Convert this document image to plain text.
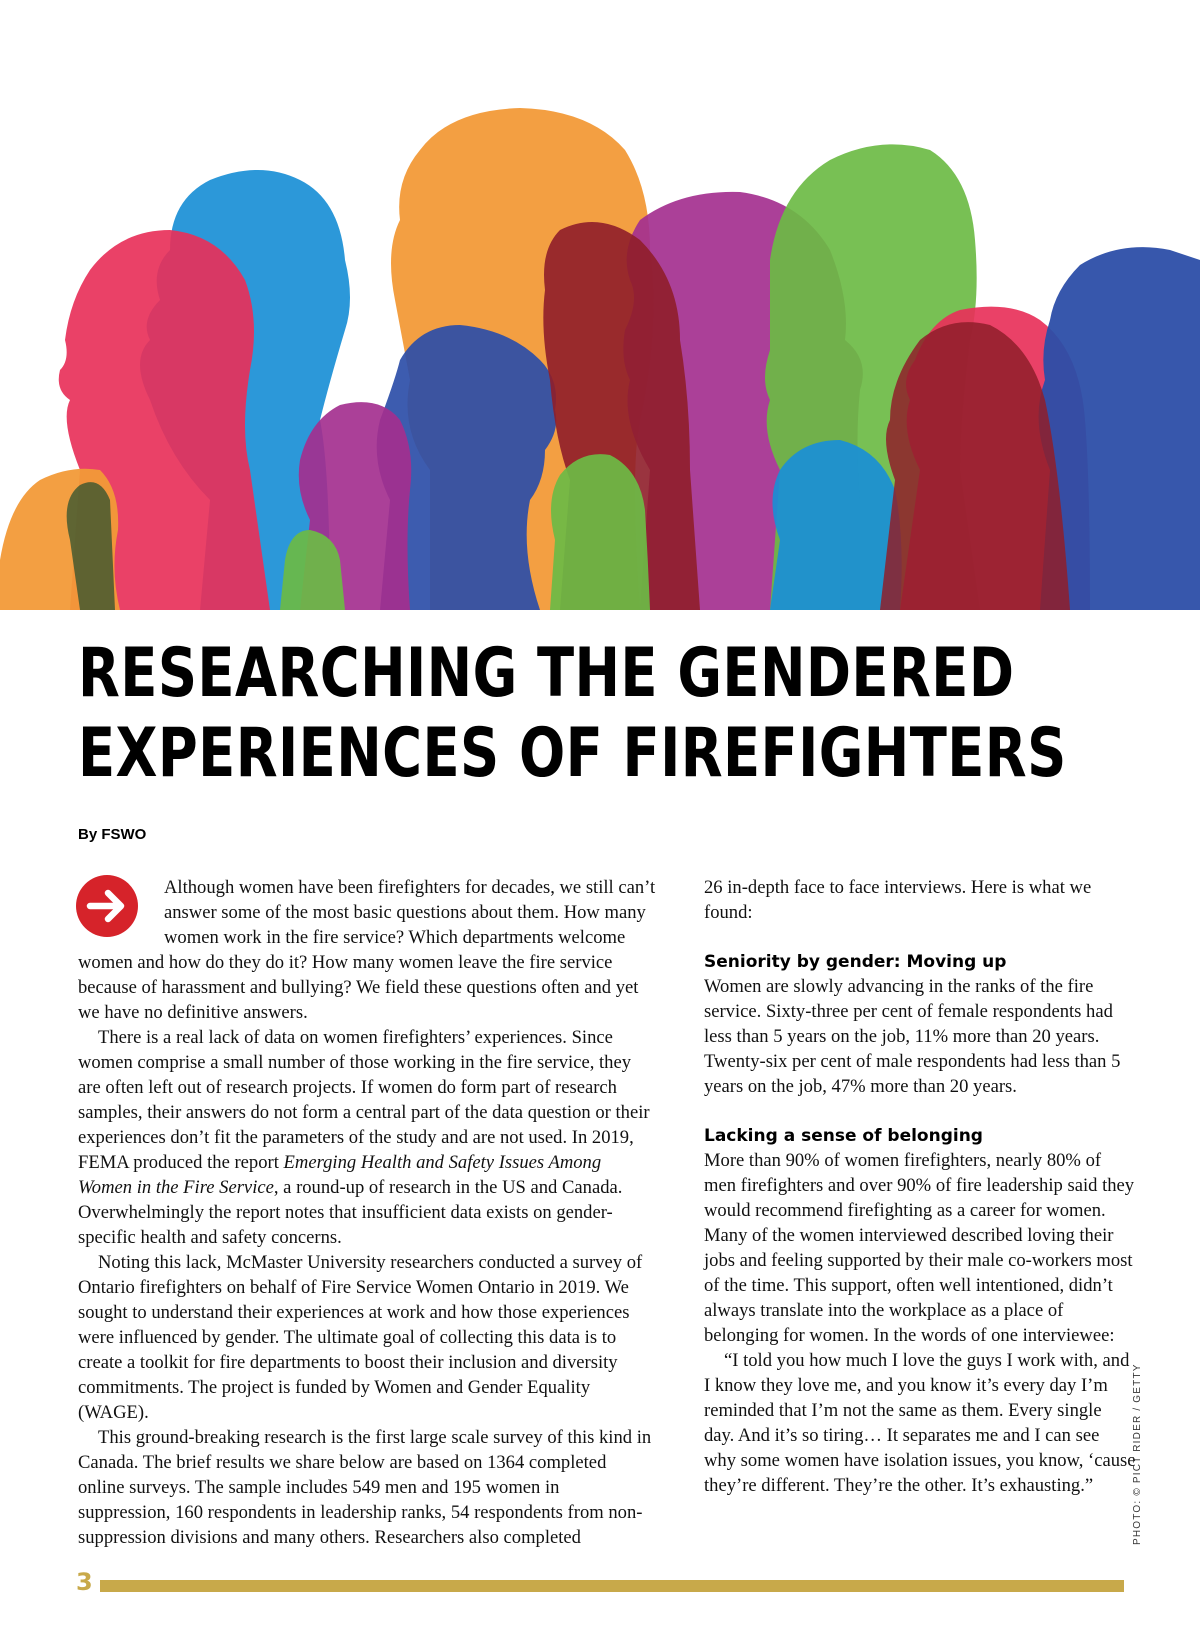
RESEARCHING THE GENDERED
EXPERIENCES OF FIREFIGHTERS
By FSWO

Although women have been firefighters for decades, we still can’t answer some of the most basic questions about them. How many women work in the fire service? Which departments welcome women and how do they do it? How many women leave the fire service because of harassment and bullying? We field these questions often and yet we have no definitive answers.

There is a real lack of data on women firefighters’ experiences. Since women comprise a small number of those working in the fire service, they are often left out of research projects. If women do form part of research samples, their answers do not form a central part of the data question or their experiences don’t fit the parameters of the study and are not used. In 2019, FEMA produced the report Emerging Health and Safety Issues Among Women in the Fire Service, a round-up of research in the US and Canada. Overwhelmingly the report notes that insufficient data exists on gender-specific health and safety concerns.

Noting this lack, McMaster University researchers conducted a survey of Ontario firefighters on behalf of Fire Service Women Ontario in 2019. We sought to understand their experiences at work and how those experiences were influenced by gender. The ultimate goal of collecting this data is to create a toolkit for fire departments to boost their inclusion and diversity commitments. The project is funded by Women and Gender Equality (WAGE).

This ground-breaking research is the first large scale survey of this kind in Canada. The brief results we share below are based on 1364 completed online surveys. The sample includes 549 men and 195 women in suppression, 160 respondents in leadership ranks, 54 respondents from non-suppression divisions and many others. Researchers also completed

26 in-depth face to face interviews. Here is what we found:

Seniority by gender: Moving up

Women are slowly advancing in the ranks of the fire service. Sixty-three per cent of female respondents had less than 5 years on the job, 11% more than 20 years. Twenty-six per cent of male respondents had less than 5 years on the job, 47% more than 20 years.

Lacking a sense of belonging

More than 90% of women firefighters, nearly 80% of men firefighters and over 90% of fire leadership said they would recommend firefighting as a career for women. Many of the women interviewed described loving their jobs and feeling supported by their male co-workers most of the time. This support, often well intentioned, didn’t always translate into the workplace as a place of belonging for women. In the words of one interviewee:

“I told you how much I love the guys I work with, and I know they love me, and you know it’s every day I’m reminded that I’m not the same as them. Every single day. And it’s so tiring… It separates me and I can see why some women have isolation issues, you know, ‘cause they’re different. They’re the other. It’s exhausting.”	PHOTO: © PICT RIDER / GETTY
3
